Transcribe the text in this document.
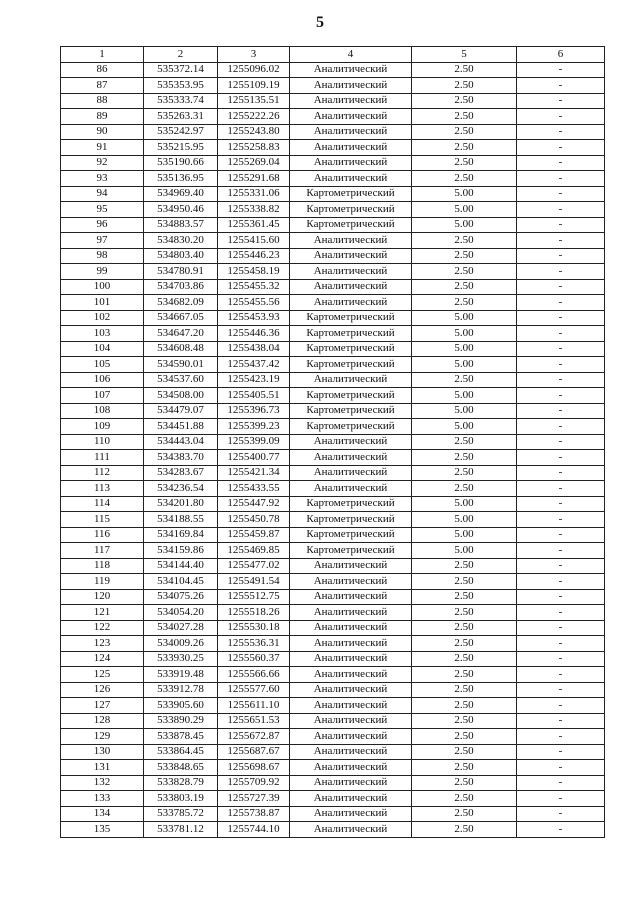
5
1	2	3	4	5	6
86	535372.14	1255096.02	Аналитический	2.50	-
87	535353.95	1255109.19	Аналитический	2.50	-
88	535333.74	1255135.51	Аналитический	2.50	-
89	535263.31	1255222.26	Аналитический	2.50	-
90	535242.97	1255243.80	Аналитический	2.50	-
91	535215.95	1255258.83	Аналитический	2.50	-
92	535190.66	1255269.04	Аналитический	2.50	-
93	535136.95	1255291.68	Аналитический	2.50	-
94	534969.40	1255331.06	Картометрический	5.00	-
95	534950.46	1255338.82	Картометрический	5.00	-
96	534883.57	1255361.45	Картометрический	5.00	-
97	534830.20	1255415.60	Аналитический	2.50	-
98	534803.40	1255446.23	Аналитический	2.50	-
99	534780.91	1255458.19	Аналитический	2.50	-
100	534703.86	1255455.32	Аналитический	2.50	-
101	534682.09	1255455.56	Аналитический	2.50	-
102	534667.05	1255453.93	Картометрический	5.00	-
103	534647.20	1255446.36	Картометрический	5.00	-
104	534608.48	1255438.04	Картометрический	5.00	-
105	534590.01	1255437.42	Картометрический	5.00	-
106	534537.60	1255423.19	Аналитический	2.50	-
107	534508.00	1255405.51	Картометрический	5.00	-
108	534479.07	1255396.73	Картометрический	5.00	-
109	534451.88	1255399.23	Картометрический	5.00	-
110	534443.04	1255399.09	Аналитический	2.50	-
111	534383.70	1255400.77	Аналитический	2.50	-
112	534283.67	1255421.34	Аналитический	2.50	-
113	534236.54	1255433.55	Аналитический	2.50	-
114	534201.80	1255447.92	Картометрический	5.00	-
115	534188.55	1255450.78	Картометрический	5.00	-
116	534169.84	1255459.87	Картометрический	5.00	-
117	534159.86	1255469.85	Картометрический	5.00	-
118	534144.40	1255477.02	Аналитический	2.50	-
119	534104.45	1255491.54	Аналитический	2.50	-
120	534075.26	1255512.75	Аналитический	2.50	-
121	534054.20	1255518.26	Аналитический	2.50	-
122	534027.28	1255530.18	Аналитический	2.50	-
123	534009.26	1255536.31	Аналитический	2.50	-
124	533930.25	1255560.37	Аналитический	2.50	-
125	533919.48	1255566.66	Аналитический	2.50	-
126	533912.78	1255577.60	Аналитический	2.50	-
127	533905.60	1255611.10	Аналитический	2.50	-
128	533890.29	1255651.53	Аналитический	2.50	-
129	533878.45	1255672.87	Аналитический	2.50	-
130	533864.45	1255687.67	Аналитический	2.50	-
131	533848.65	1255698.67	Аналитический	2.50	-
132	533828.79	1255709.92	Аналитический	2.50	-
133	533803.19	1255727.39	Аналитический	2.50	-
134	533785.72	1255738.87	Аналитический	2.50	-
135	533781.12	1255744.10	Аналитический	2.50	-
